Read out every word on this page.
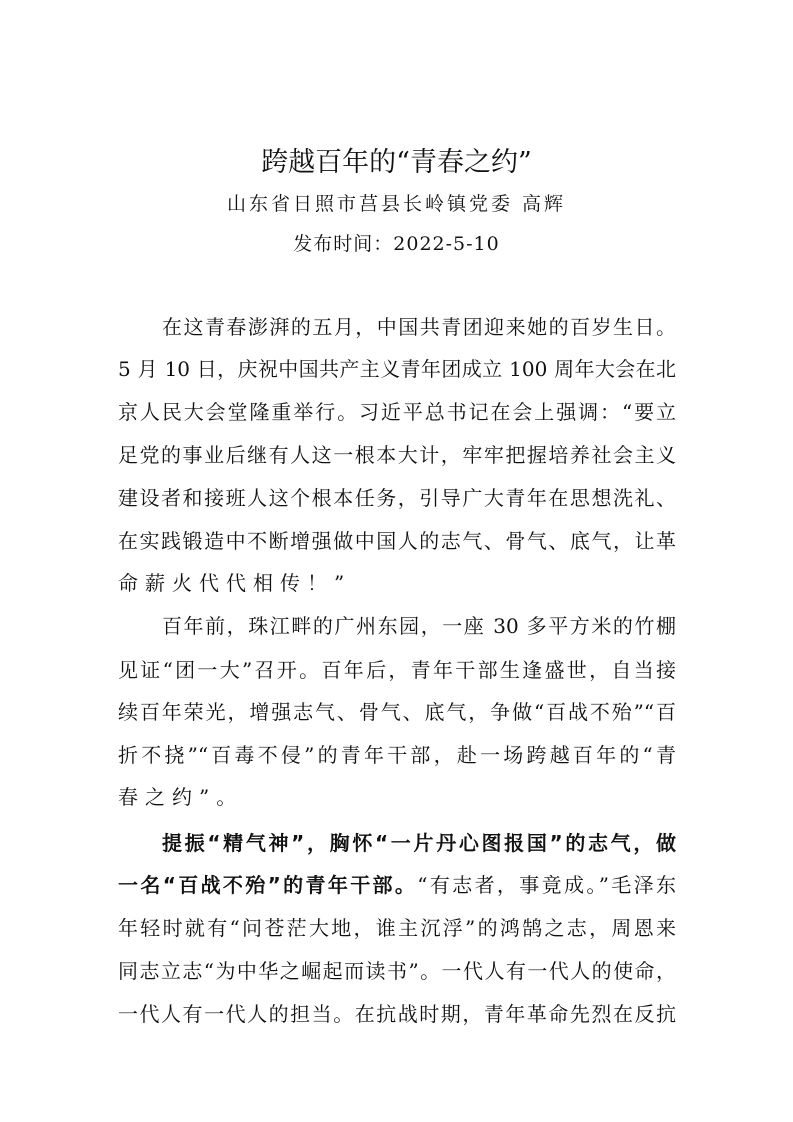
跨越百年的“青春之约”
山东省日照市莒县长岭镇党委 高辉
发布时间：2022-5-10
在这青春澎湃的五月，中国共青团迎来她的百岁生日。
5 月 10 日，庆祝中国共产主义青年团成立 100 周年大会在北
京人民大会堂隆重举行。习近平总书记在会上强调：“要立
足党的事业后继有人这一根本大计，牢牢把握培养社会主义
建设者和接班人这个根本任务，引导广大青年在思想洗礼、
在实践锻造中不断增强做中国人的志气、骨气、底气，让革
命薪火代代相传！”
百年前，珠江畔的广州东园，一座 30 多平方米的竹棚
见证“团一大”召开。百年后，青年干部生逢盛世，自当接
续百年荣光，增强志气、骨气、底气，争做“百战不殆”“百
折不挠”“百毒不侵”的青年干部，赴一场跨越百年的“青
春之约”。
提振“精气神”，胸怀“一片丹心图报国”的志气，做
一名“百战不殆”的青年干部。“有志者，事竟成。”毛泽东
年轻时就有“问苍茫大地，谁主沉浮”的鸿鹄之志，周恩来
同志立志“为中华之崛起而读书”。一代人有一代人的使命，
一代人有一代人的担当。在抗战时期，青年革命先烈在反抗
